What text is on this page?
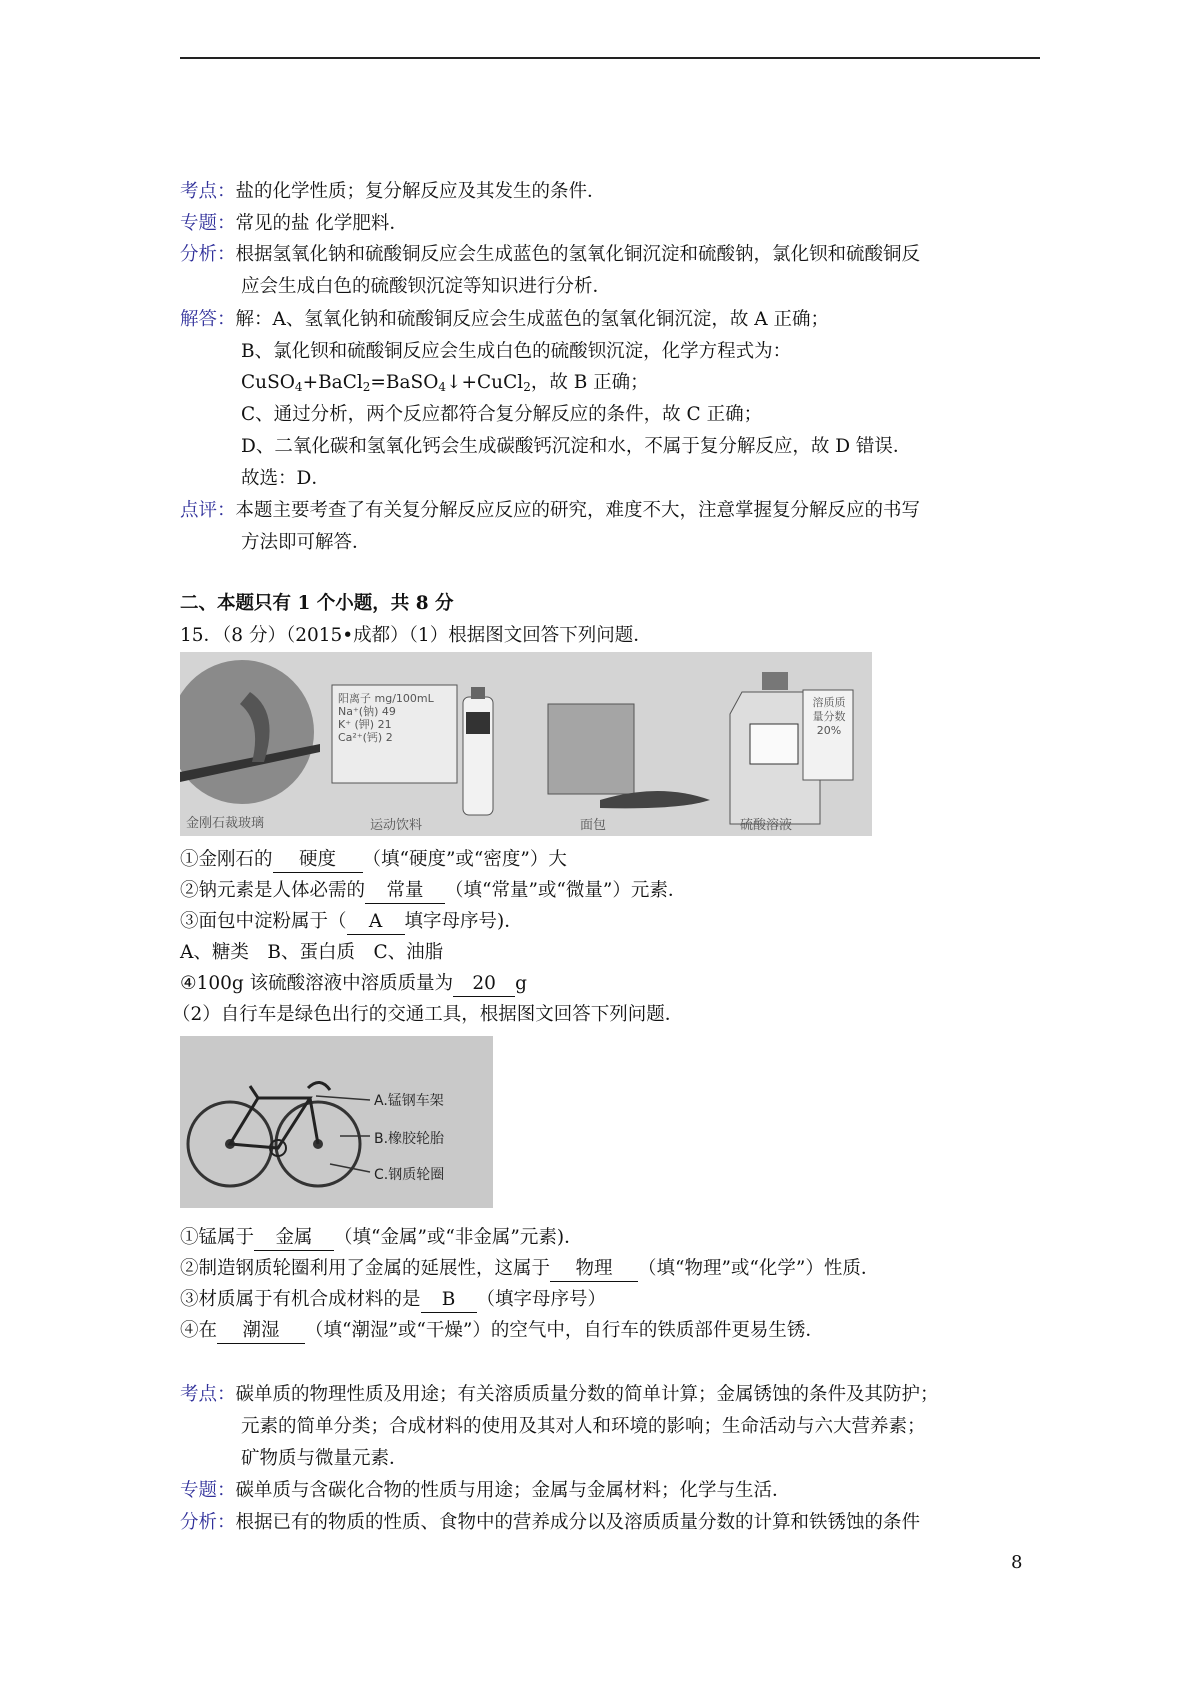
考点：盐的化学性质；复分解反应及其发生的条件．
专题：常见的盐 化学肥料．
分析：根据氢氧化钠和硫酸铜反应会生成蓝色的氢氧化铜沉淀和硫酸钠，氯化钡和硫酸铜反
应会生成白色的硫酸钡沉淀等知识进行分析．
解答：解：A、氢氧化钠和硫酸铜反应会生成蓝色的氢氧化铜沉淀，故 A 正确；
B、氯化钡和硫酸铜反应会生成白色的硫酸钡沉淀，化学方程式为：
CuSO$_4$+BaCl$_2$=BaSO$_4$↓+CuCl$_2$，故 B 正确；
C、通过分析，两个反应都符合复分解反应的条件，故 C 正确；
D、二氧化碳和氢氧化钙会生成碳酸钙沉淀和水，不属于复分解反应，故 D 错误．
故选：D．
点评：本题主要考查了有关复分解反应反应的研究，难度不大，注意掌握复分解反应的书写
方法即可解答．
二、本题只有 1 个小题，共 8 分
15．（8 分）（2015•成都）（1）根据图文回答下列问题．
阳离子 mg/100mL
Na⁺(钠) 49
K⁺ (钾) 21
Ca²⁺(钙) 2
溶质质量分数
20%
金刚石裁玻璃	运动饮料	面包	硫酸溶液
①金刚石的 硬度 （填“硬度”或“密度”）大
②钠元素是人体必需的 常量 （填“常量”或“微量”）元素．
③面包中淀粉属于（ A 填字母序号)．
A、糖类　B、蛋白质　C、油脂
④100g 该硫酸溶液中溶质质量为 20 g
（2）自行车是绿色出行的交通工具，根据图文回答下列问题．
A.锰钢车架
B.橡胶轮胎
C.钢质轮圈
①锰属于 金属 （填“金属”或“非金属”元素)．
②制造钢质轮圈利用了金属的延展性，这属于 物理 （填“物理”或“化学”）性质．
③材质属于有机合成材料的是 B （填字母序号）
④在 潮湿 （填“潮湿”或“干燥”）的空气中，自行车的铁质部件更易生锈．
考点：碳单质的物理性质及用途；有关溶质质量分数的简单计算；金属锈蚀的条件及其防护；
元素的简单分类；合成材料的使用及其对人和环境的影响；生命活动与六大营养素；
矿物质与微量元素．
专题：碳单质与含碳化合物的性质与用途；金属与金属材料；化学与生活．
分析：根据已有的物质的性质、食物中的营养成分以及溶质质量分数的计算和铁锈蚀的条件
8
